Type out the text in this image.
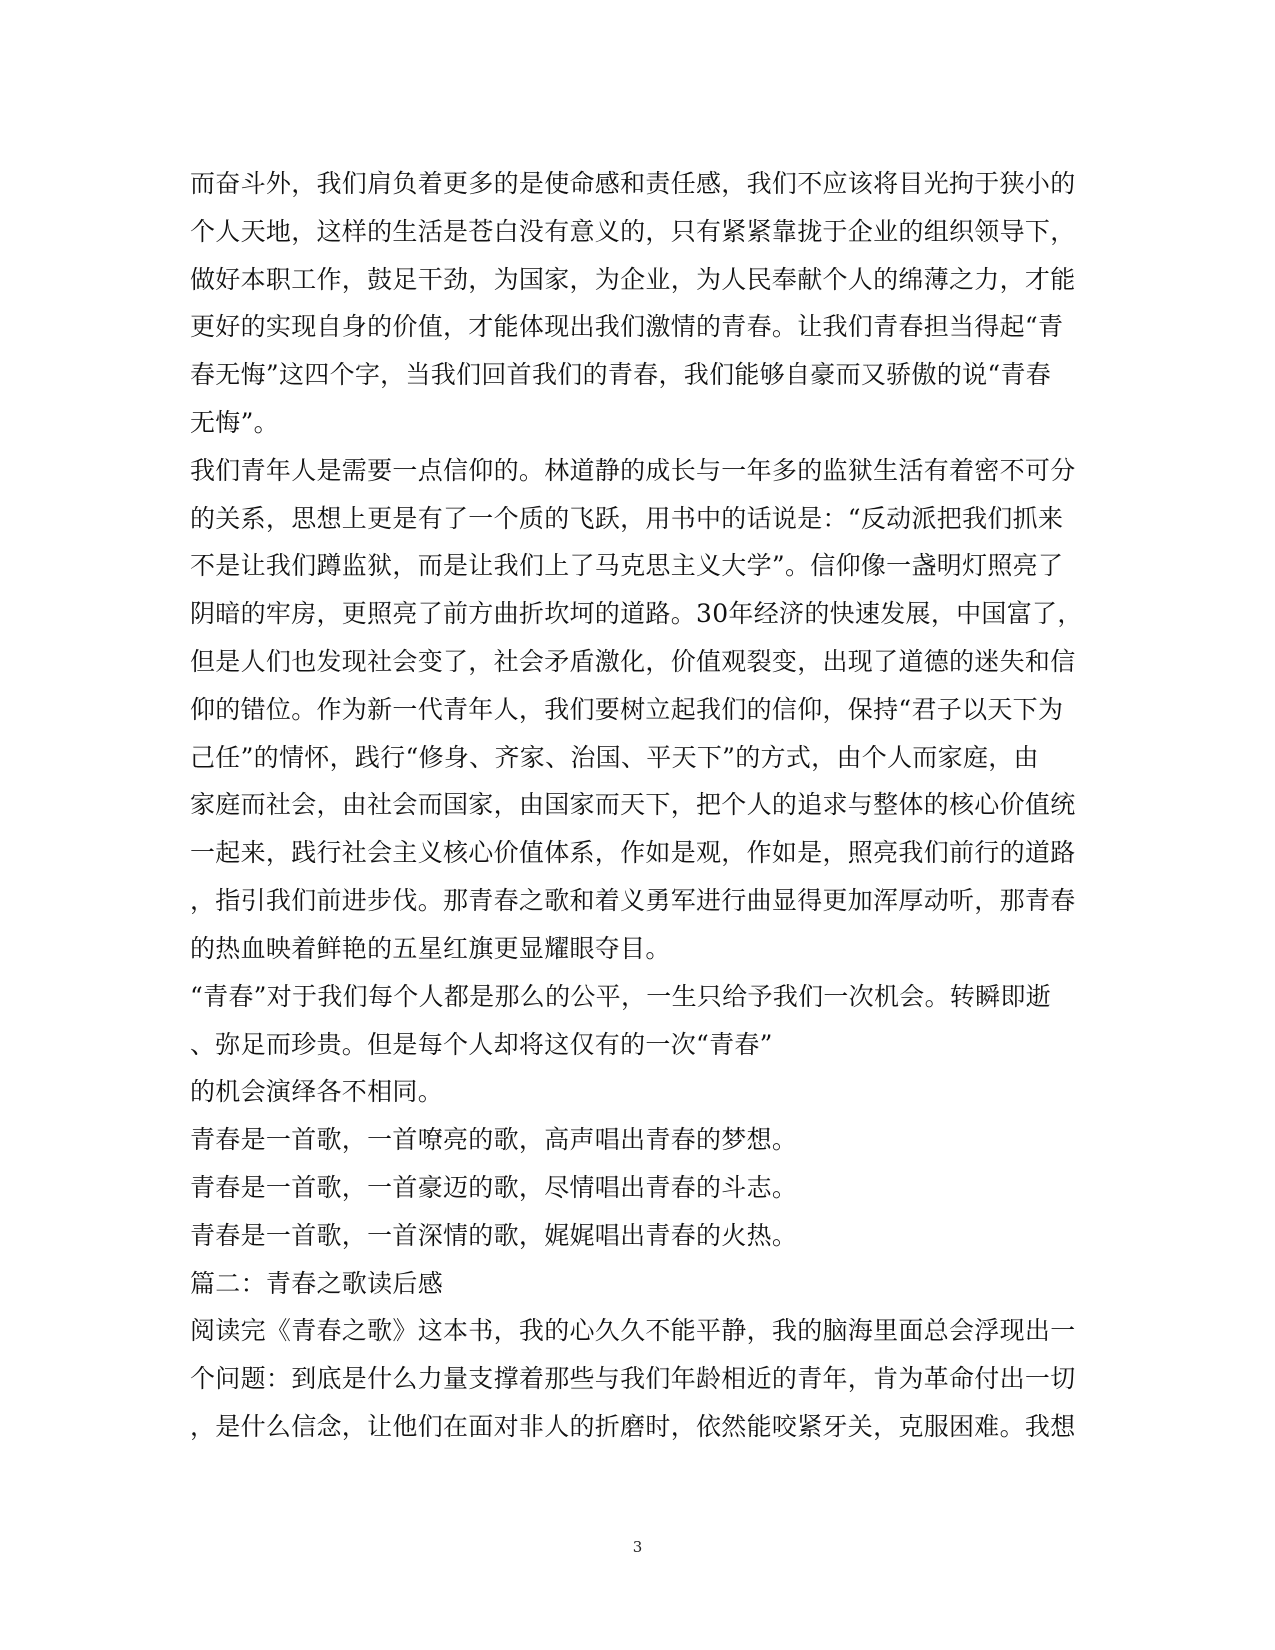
而奋斗外，我们肩负着更多的是使命感和责任感，我们不应该将目光拘于狭小的
个人天地，这样的生活是苍白没有意义的，只有紧紧靠拢于企业的组织领导下，
做好本职工作，鼓足干劲，为国家，为企业，为人民奉献个人的绵薄之力，才能
更好的实现自身的价值，才能体现出我们激情的青春。让我们青春担当得起“青
春无悔”这四个字，当我们回首我们的青春，我们能够自豪而又骄傲的说“青春
无悔”。
我们青年人是需要一点信仰的。林道静的成长与一年多的监狱生活有着密不可分
的关系，思想上更是有了一个质的飞跃，用书中的话说是：“反动派把我们抓来
不是让我们蹲监狱，而是让我们上了马克思主义大学”。信仰像一盏明灯照亮了
阴暗的牢房，更照亮了前方曲折坎坷的道路。30年经济的快速发展，中国富了，
但是人们也发现社会变了，社会矛盾激化，价值观裂变，出现了道德的迷失和信
仰的错位。作为新一代青年人，我们要树立起我们的信仰，保持“君子以天下为
己任”的情怀，践行“修身、齐家、治国、平天下”的方式，由个人而家庭，由
家庭而社会，由社会而国家，由国家而天下，把个人的追求与整体的核心价值统
一起来，践行社会主义核心价值体系，作如是观，作如是，照亮我们前行的道路
，指引我们前进步伐。那青春之歌和着义勇军进行曲显得更加浑厚动听，那青春
的热血映着鲜艳的五星红旗更显耀眼夺目。
“青春”对于我们每个人都是那么的公平，一生只给予我们一次机会。转瞬即逝
、弥足而珍贵。但是每个人却将这仅有的一次“青春”
的机会演绎各不相同。
青春是一首歌，一首嘹亮的歌，高声唱出青春的梦想。
青春是一首歌，一首豪迈的歌，尽情唱出青春的斗志。
青春是一首歌，一首深情的歌，娓娓唱出青春的火热。
篇二：青春之歌读后感
阅读完《青春之歌》这本书，我的心久久不能平静，我的脑海里面总会浮现出一
个问题：到底是什么力量支撑着那些与我们年龄相近的青年，肯为革命付出一切
，是什么信念，让他们在面对非人的折磨时，依然能咬紧牙关，克服困难。我想
3
